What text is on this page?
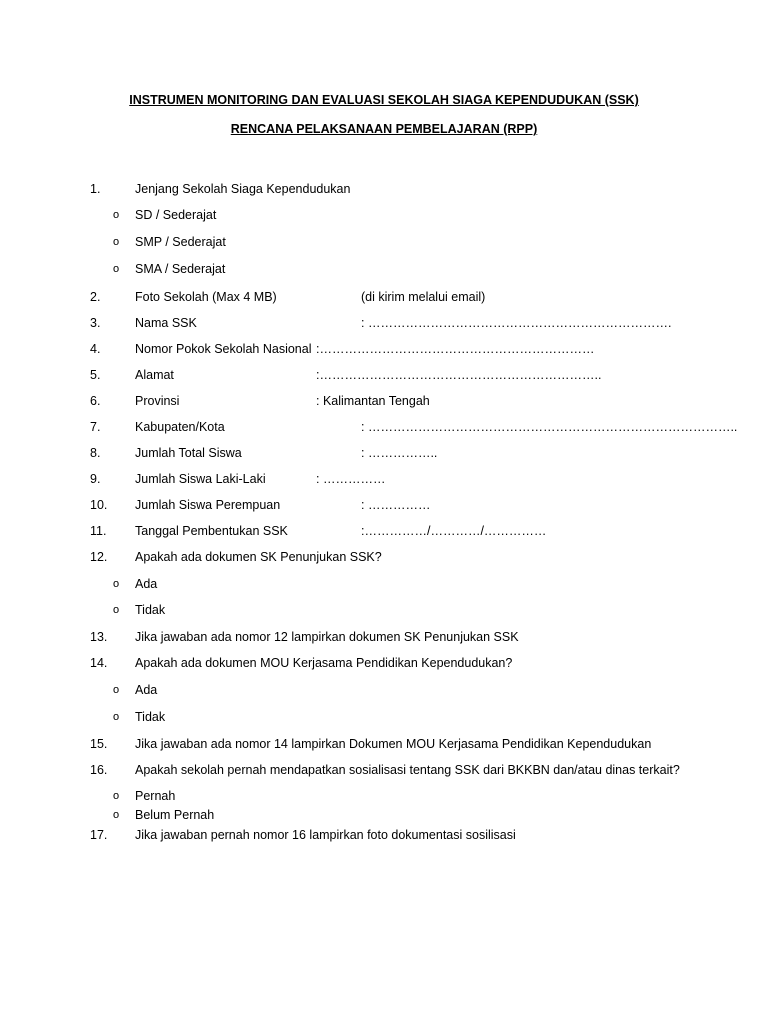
INSTRUMEN MONITORING DAN EVALUASI SEKOLAH SIAGA KEPENDUDUKAN (SSK)
RENCANA PELAKSANAAN PEMBELAJARAN (RPP)
1.	Jenjang Sekolah Siaga Kependudukan
o SD / Sederajat
o SMP / Sederajat
o SMA / Sederajat
2.	Foto Sekolah (Max 4 MB)	(di kirim melalui email)
3.	Nama SSK	: ……………………………………………………………….
4.	Nomor Pokok Sekolah Nasional :…………………………………………………………
5.	Alamat	:…………………………………………………………..
6.	Provinsi	: Kalimantan Tengah
7.	Kabupaten/Kota	: ……………………………………………………………………………..
8.	Jumlah Total Siswa	: ……………..
9.	Jumlah Siswa Laki-Laki	: ……………
10. Jumlah Siswa Perempuan	: ……………
11. Tanggal Pembentukan SSK	:……………/…………/……………
12. Apakah ada dokumen SK Penunjukan SSK?
o Ada
o Tidak
13. Jika jawaban ada nomor 12 lampirkan dokumen SK Penunjukan SSK
14. Apakah ada dokumen MOU Kerjasama Pendidikan Kependudukan?
o Ada
o Tidak
15. Jika jawaban ada nomor 14 lampirkan Dokumen MOU Kerjasama Pendidikan Kependudukan
16. Apakah sekolah pernah mendapatkan sosialisasi tentang SSK dari BKKBN dan/atau dinas terkait?
o Pernah
o Belum Pernah
17. Jika jawaban pernah nomor 16 lampirkan foto dokumentasi sosilisasi
